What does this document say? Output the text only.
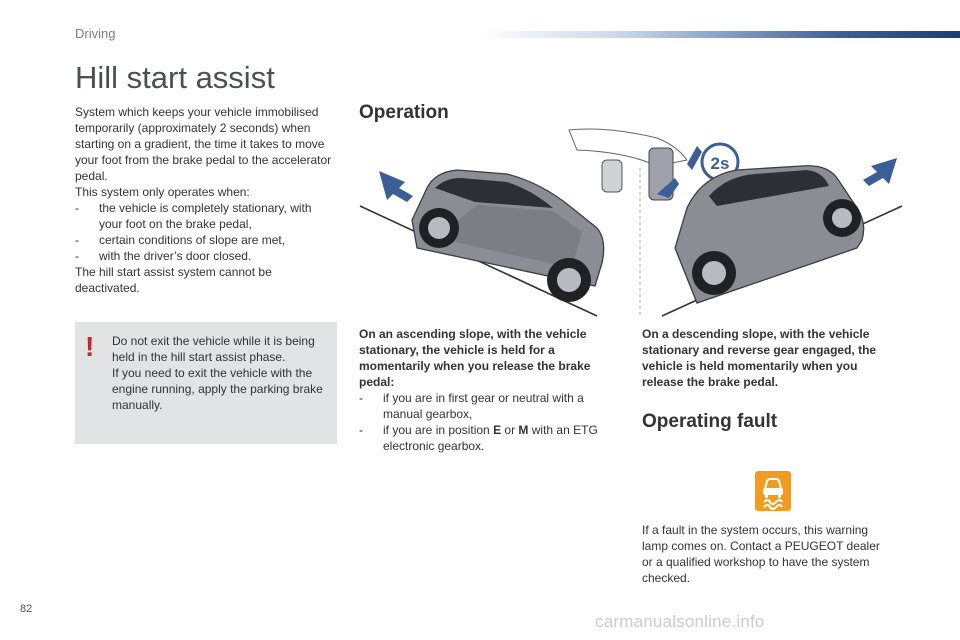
Driving
Hill start assist

System which keeps your vehicle immobilised temporarily (approximately 2 seconds) when starting on a gradient, the time it takes to move your foot from the brake pedal to the accelerator pedal.

This system only operates when:

- the vehicle is completely stationary, with your foot on the brake pedal,
- certain conditions of slope are met,
- with the driver’s door closed.

The hill start assist system cannot be deactivated.

! Do not exit the vehicle while it is being held in the hill start assist phase.
If you need to exit the vehicle with the engine running, apply the parking brake manually.
Operation
2s

On an ascending slope, with the vehicle stationary, the vehicle is held for a momentarily when you release the brake pedal:

- if you are in first gear or neutral with a manual gearbox,
- if you are in position E or M with an ETG electronic gearbox.

On a descending slope, with the vehicle stationary and reverse gear engaged, the vehicle is held momentarily when you release the brake pedal.

Operating fault
If a fault in the system occurs, this warning lamp comes on. Contact a PEUGEOT dealer or a qualified workshop to have the system checked.
82
carmanualsonline.info
